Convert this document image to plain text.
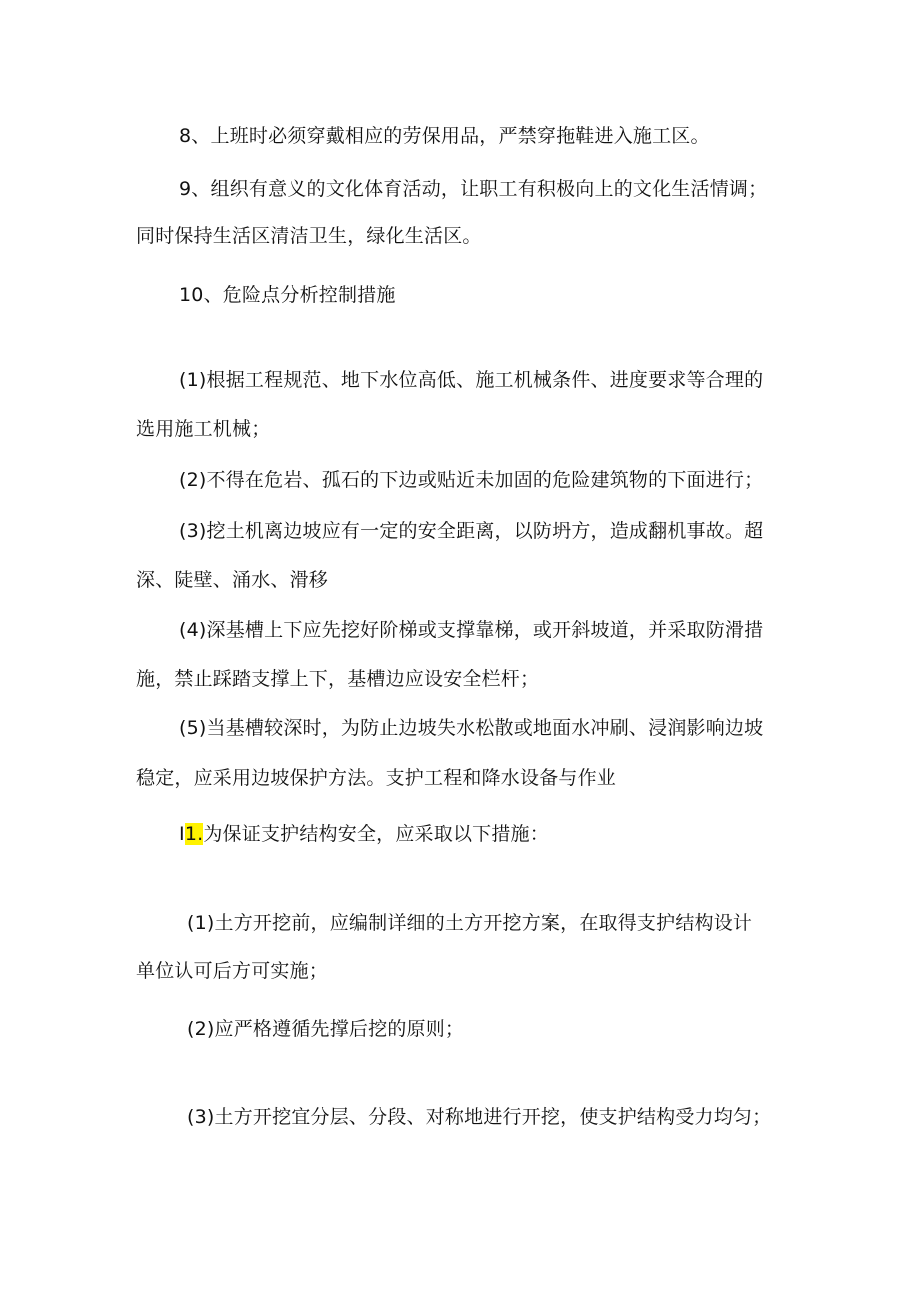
8、上班时必须穿戴相应的劳保用品，严禁穿拖鞋进入施工区。
9、组织有意义的文化体育活动，让职工有积极向上的文化生活情调；
同时保持生活区清洁卫生，绿化生活区。
10、危险点分析控制措施
(1)根据工程规范、地下水位高低、施工机械条件、进度要求等合理的
选用施工机械；
(2)不得在危岩、孤石的下边或贴近未加固的危险建筑物的下面进行；
(3)挖土机离边坡应有一定的安全距离，以防坍方，造成翻机事故。超
深、陡壁、涌水、滑移
(4)深基槽上下应先挖好阶梯或支撑靠梯，或开斜坡道，并采取防滑措
施，禁止踩踏支撑上下，基槽边应设安全栏杆；
(5)当基槽较深时，为防止边坡失水松散或地面水冲刷、浸润影响边坡
稳定，应采用边坡保护方法。支护工程和降水设备与作业
I1.为保证支护结构安全，应采取以下措施：
(1)土方开挖前，应编制详细的土方开挖方案，在取得支护结构设计
单位认可后方可实施；
(2)应严格遵循先撑后挖的原则；
(3)土方开挖宜分层、分段、对称地进行开挖，使支护结构受力均匀；
